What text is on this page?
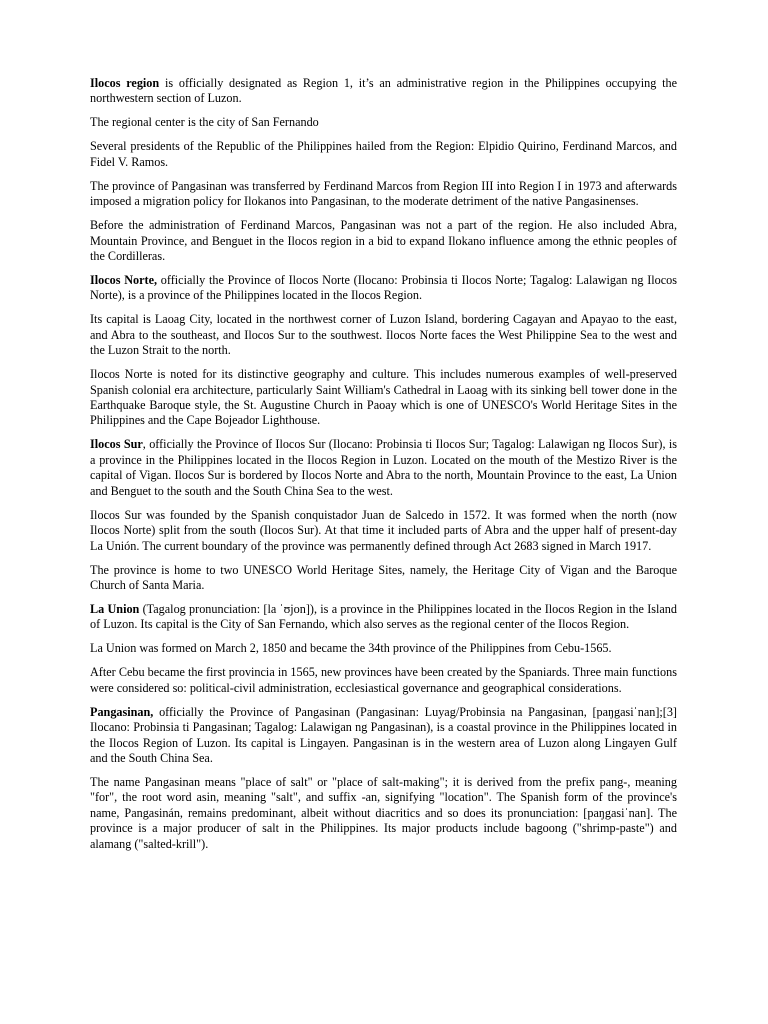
Ilocos region is officially designated as Region 1, it’s an administrative region in the Philippines occupying the northwestern section of Luzon.

The regional center is the city of San Fernando

Several presidents of the Republic of the Philippines hailed from the Region: Elpidio Quirino, Ferdinand Marcos, and Fidel V. Ramos.

The province of Pangasinan was transferred by Ferdinand Marcos from Region III into Region I in 1973 and afterwards imposed a migration policy for Ilokanos into Pangasinan, to the moderate detriment of the native Pangasinenses.

Before the administration of Ferdinand Marcos, Pangasinan was not a part of the region. He also included Abra, Mountain Province, and Benguet in the Ilocos region in a bid to expand Ilokano influence among the ethnic peoples of the Cordilleras.

Ilocos Norte, officially the Province of Ilocos Norte (Ilocano: Probinsia ti Ilocos Norte; Tagalog: Lalawigan ng Ilocos Norte), is a province of the Philippines located in the Ilocos Region.

Its capital is Laoag City, located in the northwest corner of Luzon Island, bordering Cagayan and Apayao to the east, and Abra to the southeast, and Ilocos Sur to the southwest. Ilocos Norte faces the West Philippine Sea to the west and the Luzon Strait to the north.

Ilocos Norte is noted for its distinctive geography and culture. This includes numerous examples of well-preserved Spanish colonial era architecture, particularly Saint William's Cathedral in Laoag with its sinking bell tower done in the Earthquake Baroque style, the St. Augustine Church in Paoay which is one of UNESCO's World Heritage Sites in the Philippines and the Cape Bojeador Lighthouse.

Ilocos Sur, officially the Province of Ilocos Sur (Ilocano: Probinsia ti Ilocos Sur; Tagalog: Lalawigan ng Ilocos Sur), is a province in the Philippines located in the Ilocos Region in Luzon. Located on the mouth of the Mestizo River is the capital of Vigan. Ilocos Sur is bordered by Ilocos Norte and Abra to the north, Mountain Province to the east, La Union and Benguet to the south and the South China Sea to the west.

Ilocos Sur was founded by the Spanish conquistador Juan de Salcedo in 1572. It was formed when the north (now Ilocos Norte) split from the south (Ilocos Sur). At that time it included parts of Abra and the upper half of present-day La Unión. The current boundary of the province was permanently defined through Act 2683 signed in March 1917.

The province is home to two UNESCO World Heritage Sites, namely, the Heritage City of Vigan and the Baroque Church of Santa Maria.

La Union (Tagalog pronunciation: [la ˈʊjon]), is a province in the Philippines located in the Ilocos Region in the Island of Luzon. Its capital is the City of San Fernando, which also serves as the regional center of the Ilocos Region.

La Union was formed on March 2, 1850 and became the 34th province of the Philippines from Cebu-1565.

After Cebu became the first provincia in 1565, new provinces have been created by the Spaniards. Three main functions were considered so: political-civil administration, ecclesiastical governance and geographical considerations.

Pangasinan, officially the Province of Pangasinan (Pangasinan: Luyag/Probinsia na Pangasinan, [paŋgasiˈnan];[3] Ilocano: Probinsia ti Pangasinan; Tagalog: Lalawigan ng Pangasinan), is a coastal province in the Philippines located in the Ilocos Region of Luzon. Its capital is Lingayen. Pangasinan is in the western area of Luzon along Lingayen Gulf and the South China Sea.

The name Pangasinan means "place of salt" or "place of salt-making"; it is derived from the prefix pang-, meaning "for", the root word asin, meaning "salt", and suffix -an, signifying "location". The Spanish form of the province's name, Pangasinán, remains predominant, albeit without diacritics and so does its pronunciation: [paŋgasiˈnan]. The province is a major producer of salt in the Philippines. Its major products include bagoong ("shrimp-paste") and alamang ("salted-krill").
